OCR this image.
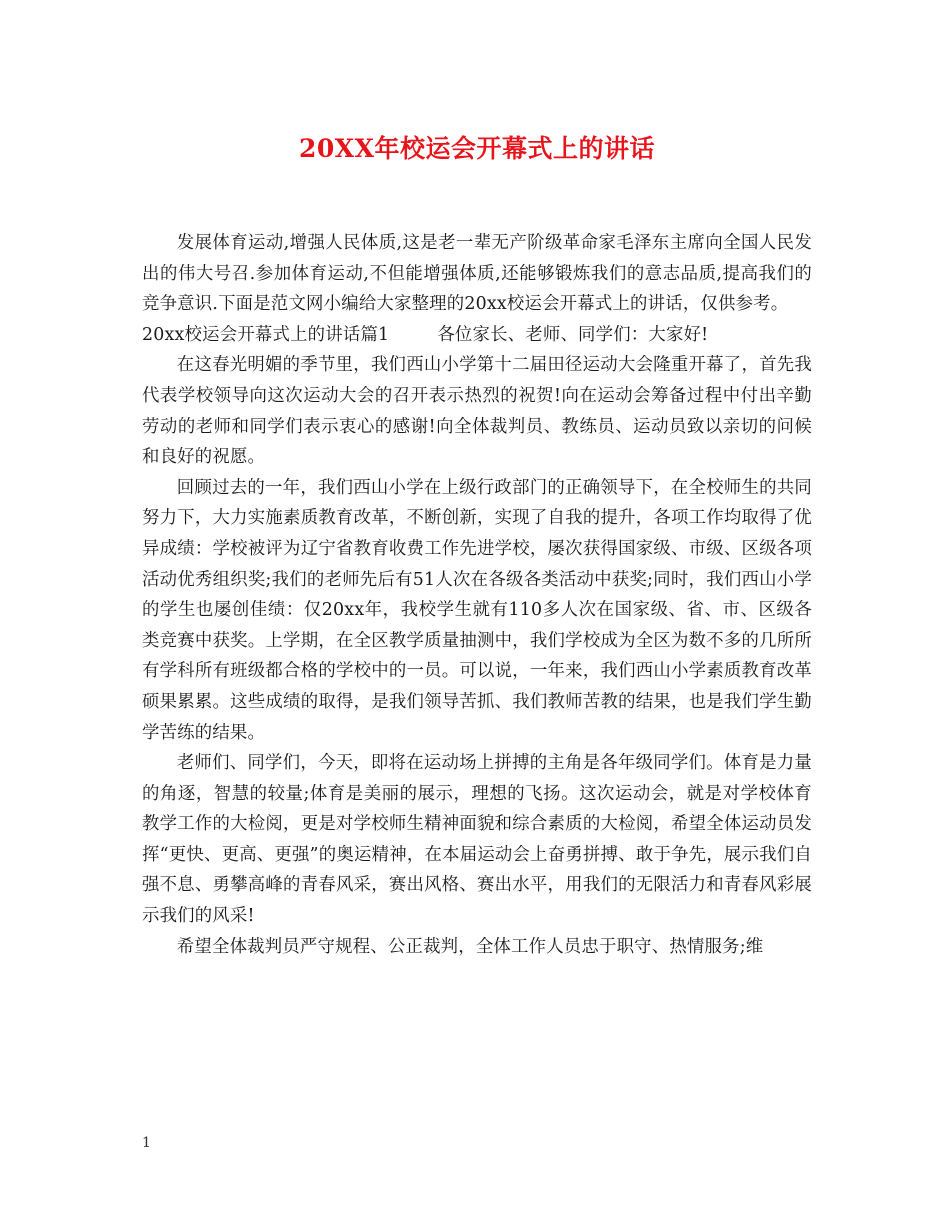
20XX年校运会开幕式上的讲话

发展体育运动,增强人民体质,这是老一辈无产阶级革命家毛泽东主席向全国人民发出的伟大号召.参加体育运动,不但能增强体质,还能够锻炼我们的意志品质,提高我们的竞争意识.下面是范文网小编给大家整理的20xx校运会开幕式上的讲话，仅供参考。

20xx校运会开幕式上的讲话篇1	各位家长、老师、同学们：大家好!

在这春光明媚的季节里，我们西山小学第十二届田径运动大会隆重开幕了，首先我代表学校领导向这次运动大会的召开表示热烈的祝贺!向在运动会筹备过程中付出辛勤劳动的老师和同学们表示衷心的感谢!向全体裁判员、教练员、运动员致以亲切的问候和良好的祝愿。

回顾过去的一年，我们西山小学在上级行政部门的正确领导下，在全校师生的共同努力下，大力实施素质教育改革，不断创新，实现了自我的提升，各项工作均取得了优异成绩：学校被评为辽宁省教育收费工作先进学校，屡次获得国家级、市级、区级各项活动优秀组织奖;我们的老师先后有51人次在各级各类活动中获奖;同时，我们西山小学的学生也屡创佳绩：仅20xx年，我校学生就有110多人次在国家级、省、市、区级各类竞赛中获奖。上学期，在全区教学质量抽测中，我们学校成为全区为数不多的几所所有学科所有班级都合格的学校中的一员。可以说，一年来，我们西山小学素质教育改革硕果累累。这些成绩的取得，是我们领导苦抓、我们教师苦教的结果，也是我们学生勤学苦练的结果。

老师们、同学们，今天，即将在运动场上拼搏的主角是各年级同学们。体育是力量的角逐，智慧的较量;体育是美丽的展示，理想的飞扬。这次运动会，就是对学校体育教学工作的大检阅，更是对学校师生精神面貌和综合素质的大检阅，希望全体运动员发挥“更快、更高、更强”的奥运精神，在本届运动会上奋勇拼搏、敢于争先，展示我们自强不息、勇攀高峰的青春风采，赛出风格、赛出水平，用我们的无限活力和青春风彩展示我们的风采!

希望全体裁判员严守规程、公正裁判，全体工作人员忠于职守、热情服务;维

1
